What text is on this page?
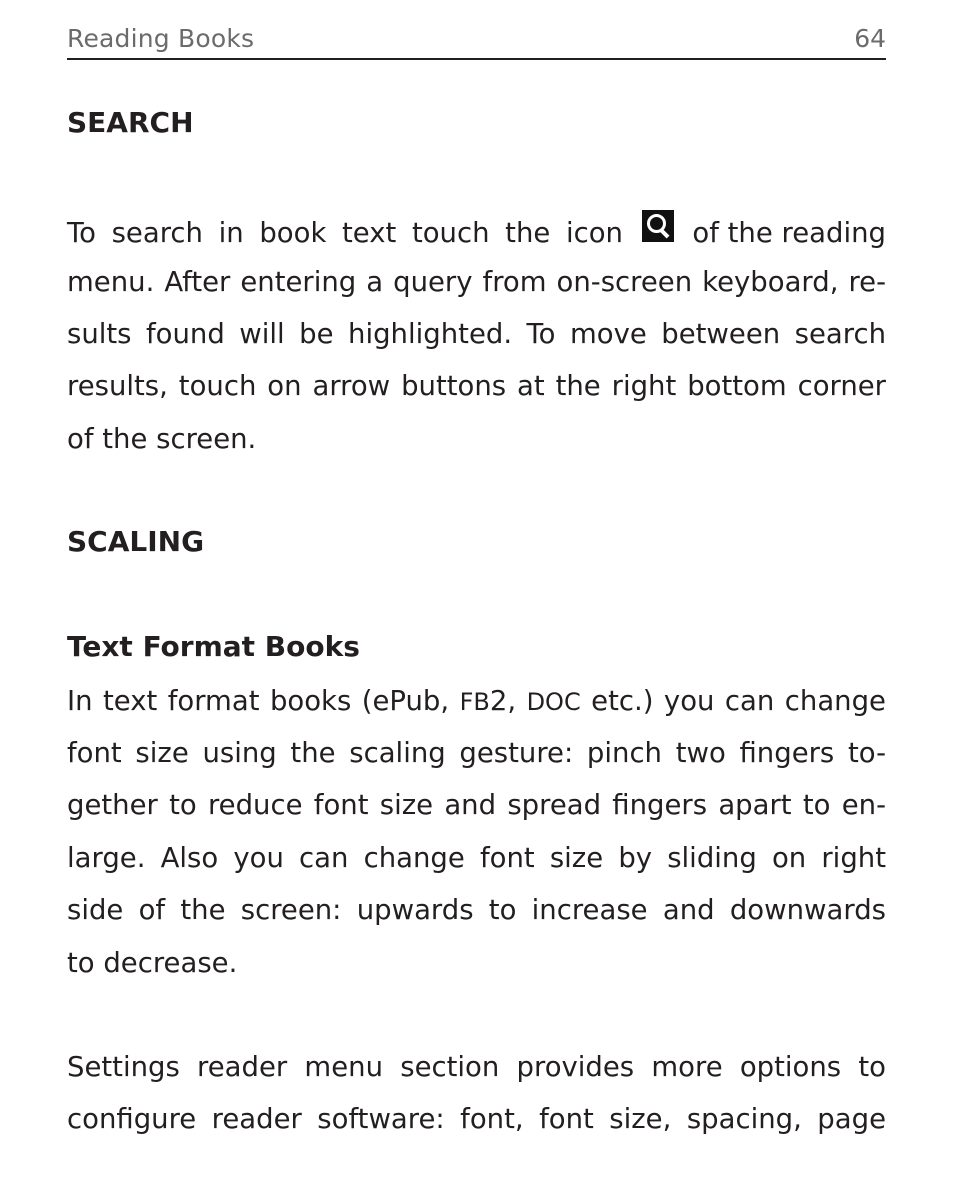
Reading Books	64
SEARCH
To search in book text touch the icon	of the reading
menu. After entering a query from on-screen keyboard, re-
sults found will be highlighted. To move between search
results, touch on arrow buttons at the right bottom corner
of the screen.
SCALING
Text Format Books
In text format books (ePub, FB2, DOC etc.) you can change
font size using the scaling gesture: pinch two fingers to-
gether to reduce font size and spread fingers apart to en-
large. Also you can change font size by sliding on right
side of the screen: upwards to increase and downwards
to decrease.
Settings reader menu section provides more options to
configure reader software: font, font size, spacing, page
